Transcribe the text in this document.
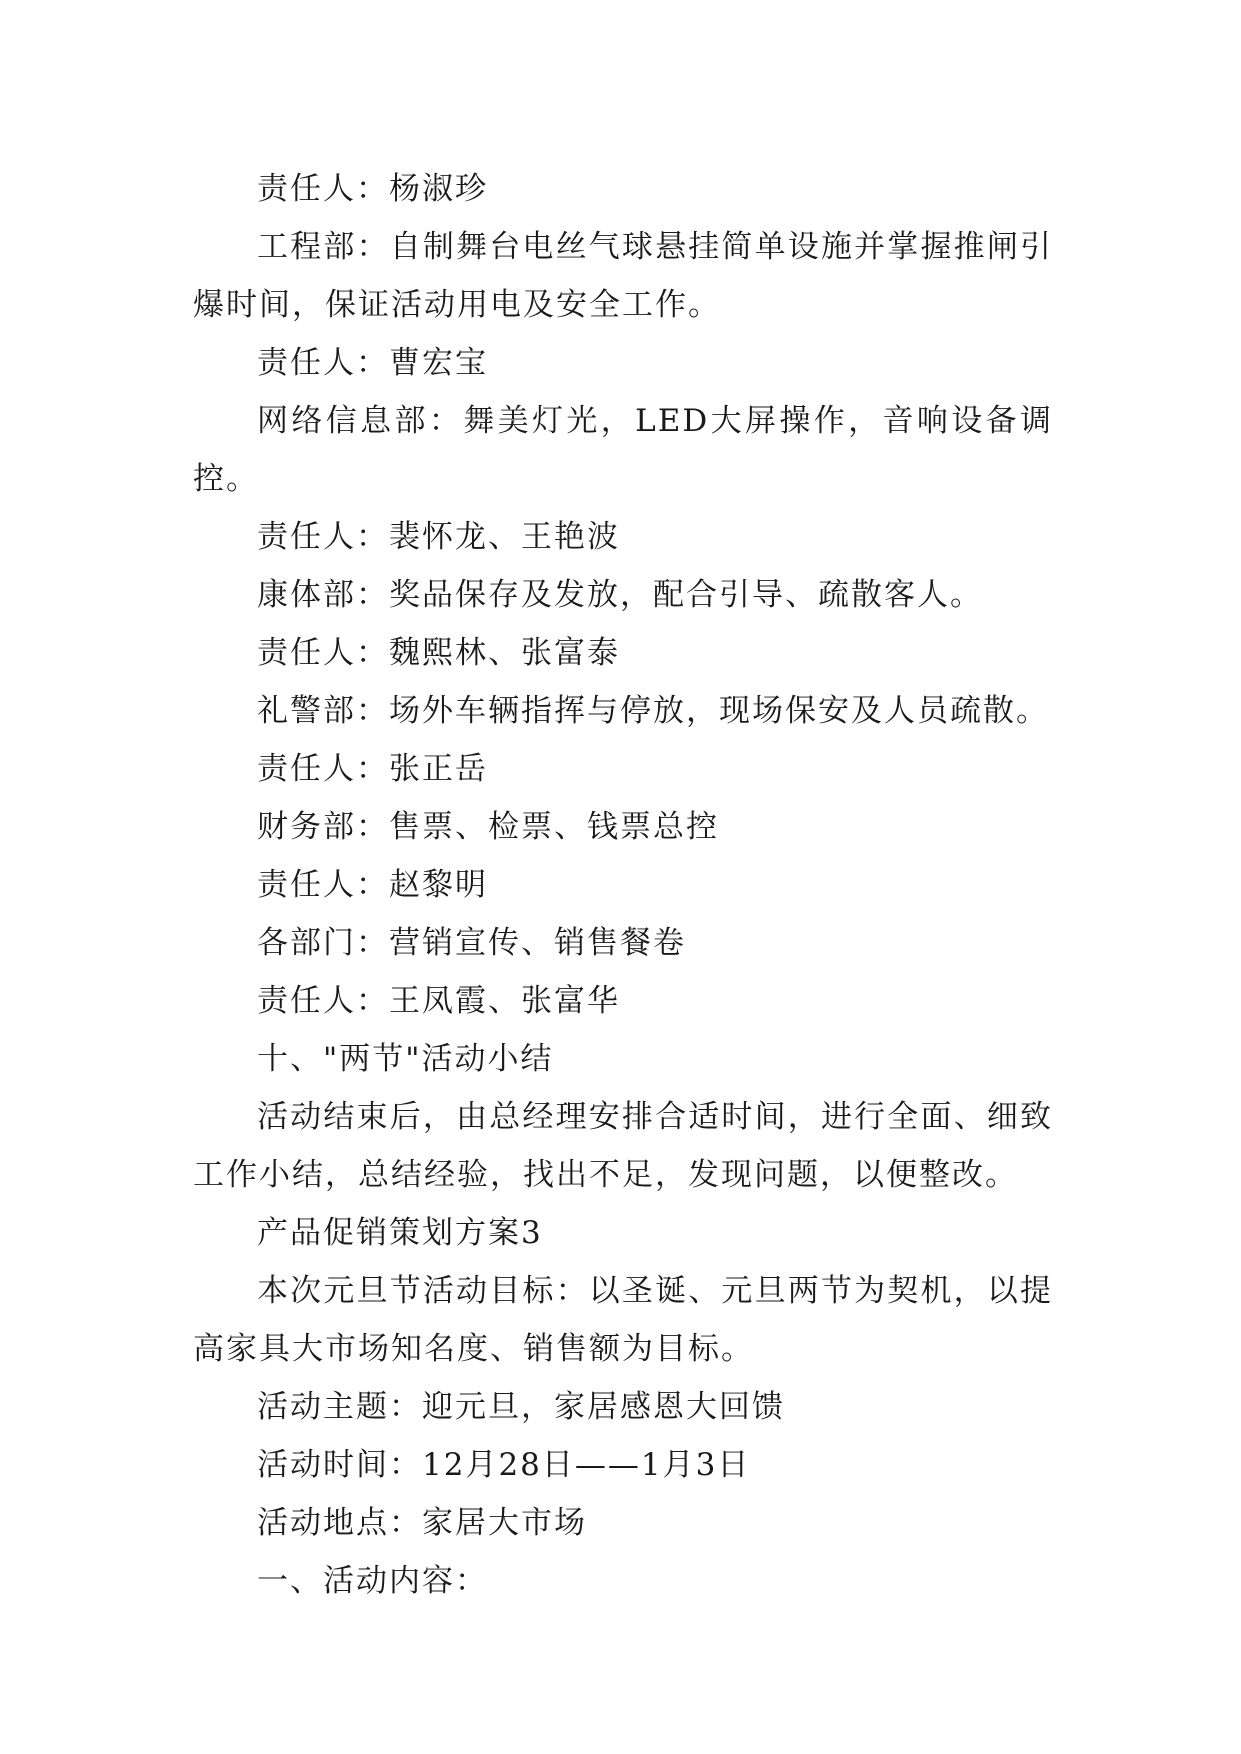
责任人：杨淑珍

工程部：自制舞台电丝气球悬挂简单设施并掌握推闸引爆时间，保证活动用电及安全工作。

责任人：曹宏宝

网络信息部：舞美灯光，LED大屏操作，音响设备调控。

责任人：裴怀龙、王艳波

康体部：奖品保存及发放，配合引导、疏散客人。

责任人：魏熙林、张富泰

礼警部：场外车辆指挥与停放，现场保安及人员疏散。

责任人：张正岳

财务部：售票、检票、钱票总控

责任人：赵黎明

各部门：营销宣传、销售餐卷

责任人：王凤霞、张富华

十、"两节"活动小结

活动结束后，由总经理安排合适时间，进行全面、细致工作小结，总结经验，找出不足，发现问题，以便整改。

产品促销策划方案3

本次元旦节活动目标：以圣诞、元旦两节为契机，以提高家具大市场知名度、销售额为目标。

活动主题：迎元旦，家居感恩大回馈

活动时间：12月28日——1月3日

活动地点：家居大市场

一、活动内容：
